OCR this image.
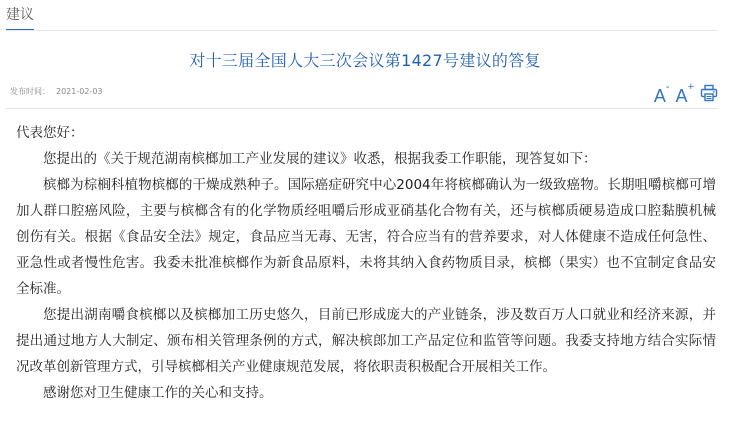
建议
对十三届全国人大三次会议第1427号建议的答复
发布时间： 2021-02-03	A- A+

代表您好：

您提出的《关于规范湖南槟榔加工产业发展的建议》收悉，根据我委工作职能，现答复如下：

槟榔为棕榈科植物槟榔的干燥成熟种子。国际癌症研究中心2004年将槟榔确认为一级致癌物。长期咀嚼槟榔可增加人群口腔癌风险，主要与槟榔含有的化学物质经咀嚼后形成亚硝基化合物有关，还与槟榔质硬易造成口腔黏膜机械创伤有关。根据《食品安全法》规定，食品应当无毒、无害，符合应当有的营养要求，对人体健康不造成任何急性、亚急性或者慢性危害。我委未批准槟榔作为新食品原料，未将其纳入食药物质目录，槟榔（果实）也不宜制定食品安全标准。

您提出湖南嚼食槟榔以及槟榔加工历史悠久，目前已形成庞大的产业链条，涉及数百万人口就业和经济来源，并提出通过地方人大制定、颁布相关管理条例的方式，解决槟郎加工产品定位和监管等问题。我委支持地方结合实际情况改革创新管理方式，引导槟榔相关产业健康规范发展，将依职责积极配合开展相关工作。

感谢您对卫生健康工作的关心和支持。
